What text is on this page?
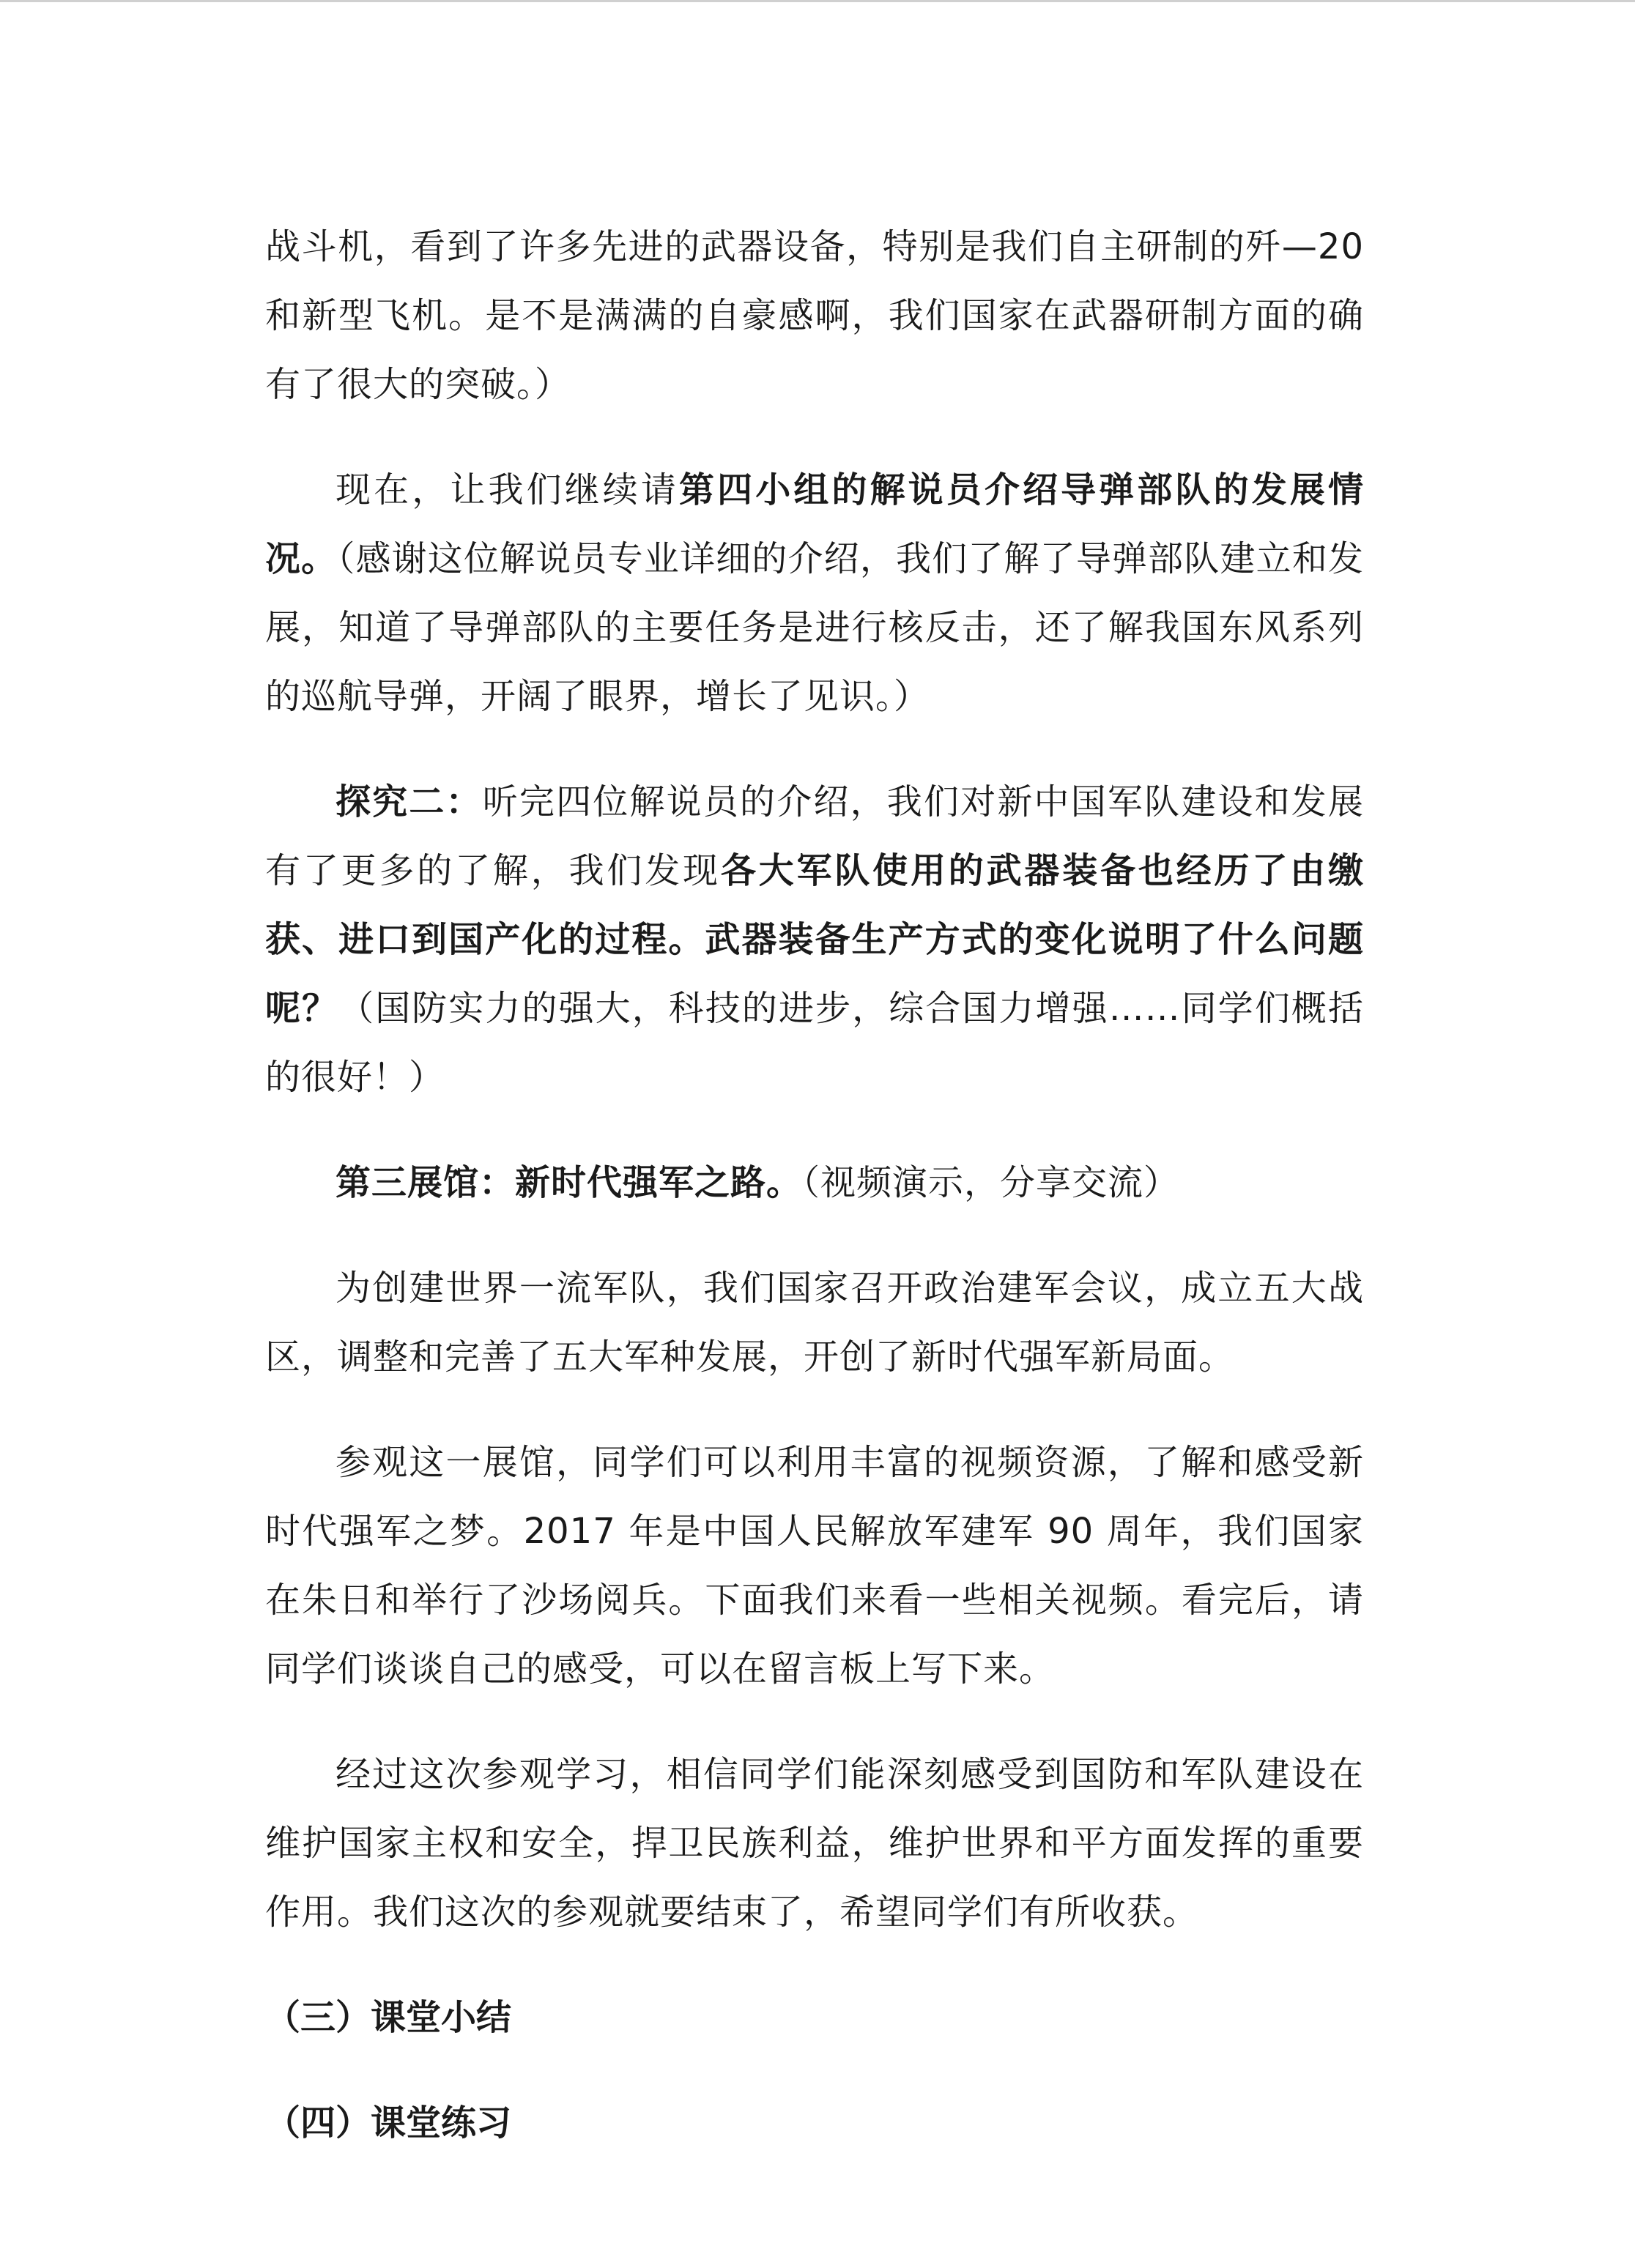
战斗机，看到了许多先进的武器设备，特别是我们自主研制的歼—20 和新型飞机。是不是满满的自豪感啊，我们国家在武器研制方面的确有了很大的突破。）

现在，让我们继续请第四小组的解说员介绍导弹部队的发展情况。（感谢这位解说员专业详细的介绍，我们了解了导弹部队建立和发展，知道了导弹部队的主要任务是进行核反击，还了解我国东风系列的巡航导弹，开阔了眼界，增长了见识。）

探究二：听完四位解说员的介绍，我们对新中国军队建设和发展有了更多的了解，我们发现各大军队使用的武器装备也经历了由缴获、进口到国产化的过程。武器装备生产方式的变化说明了什么问题呢？（国防实力的强大，科技的进步，综合国力增强……同学们概括的很好！）

第三展馆：新时代强军之路。（视频演示，分享交流）

为创建世界一流军队，我们国家召开政治建军会议，成立五大战区，调整和完善了五大军种发展，开创了新时代强军新局面。

参观这一展馆，同学们可以利用丰富的视频资源，了解和感受新时代强军之梦。2017 年是中国人民解放军建军 90 周年，我们国家在朱日和举行了沙场阅兵。下面我们来看一些相关视频。看完后，请同学们谈谈自己的感受，可以在留言板上写下来。

经过这次参观学习，相信同学们能深刻感受到国防和军队建设在维护国家主权和安全，捍卫民族利益，维护世界和平方面发挥的重要作用。我们这次的参观就要结束了，希望同学们有所收获。

（三）课堂小结

（四）课堂练习
